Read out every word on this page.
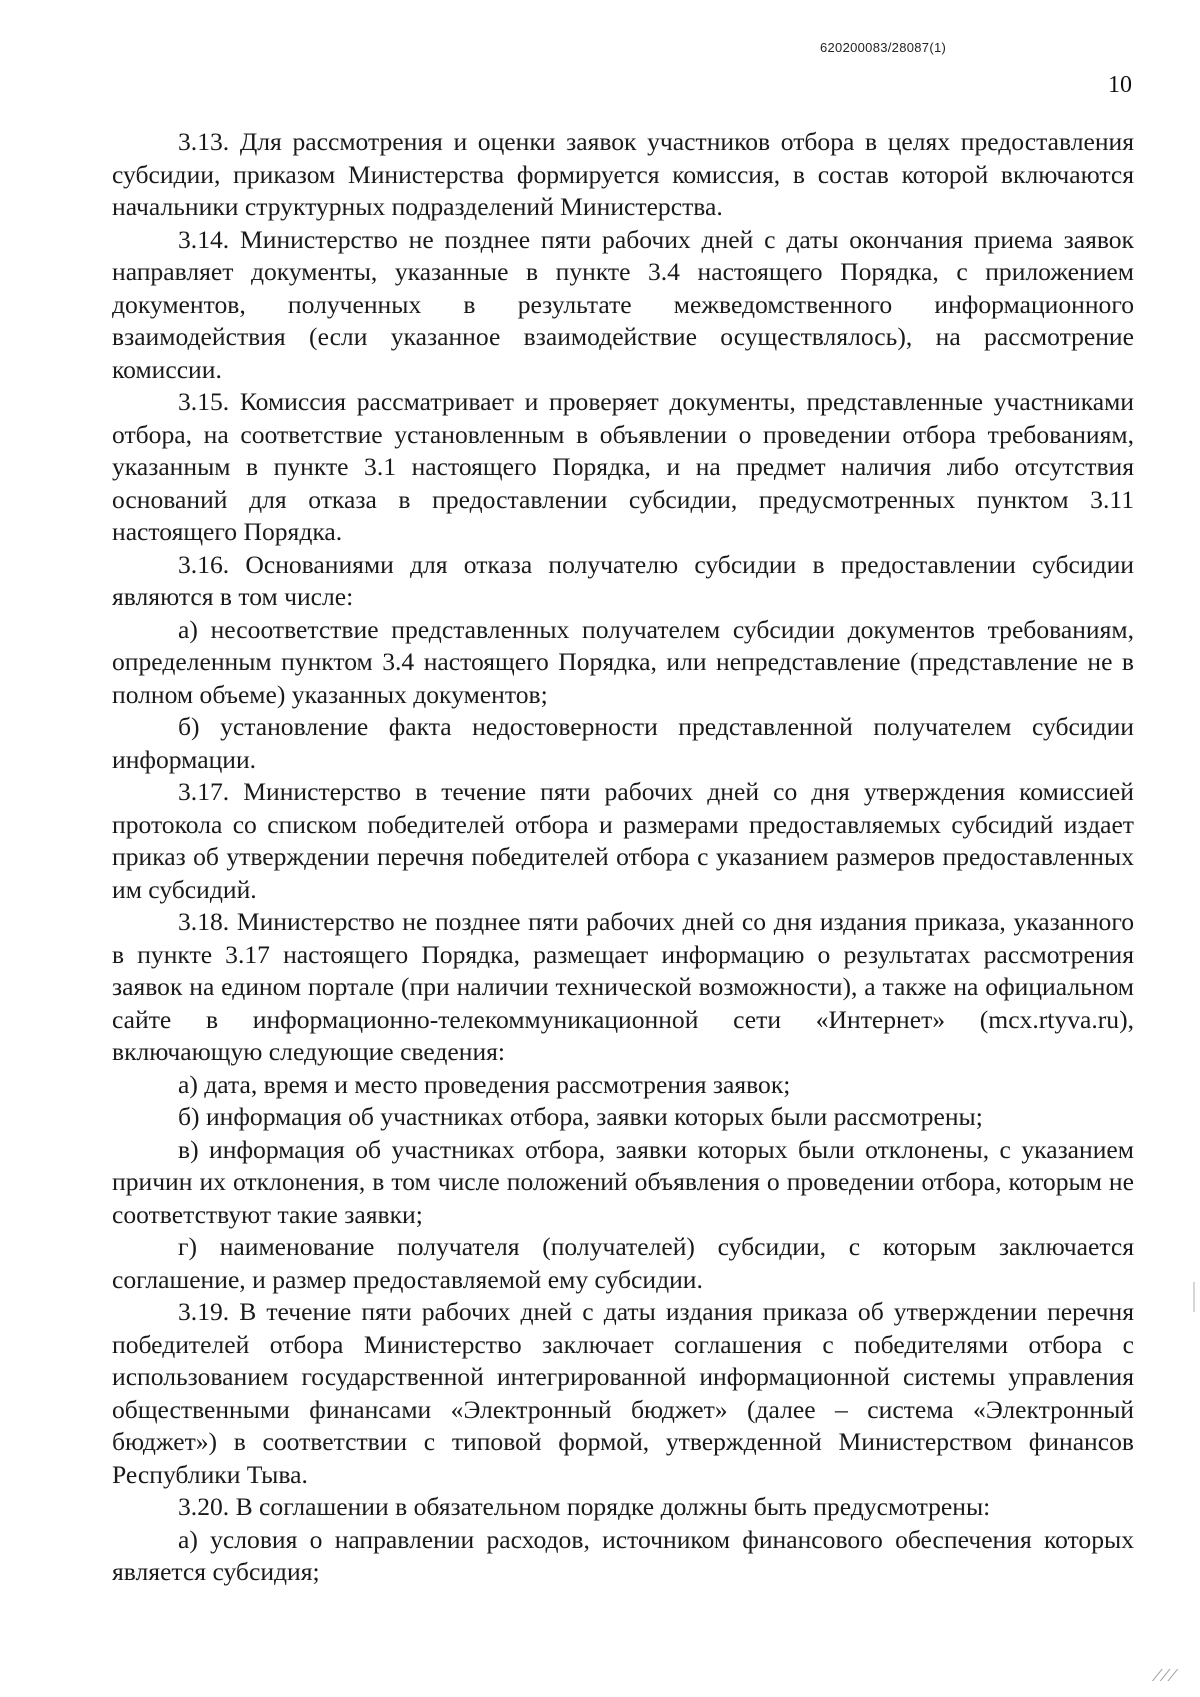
620200083/28087(1)
10

3.13. Для рассмотрения и оценки заявок участников отбора в целях предоставления субсидии, приказом Министерства формируется комиссия, в состав которой включаются начальники структурных подразделений Министерства.

3.14. Министерство не позднее пяти рабочих дней с даты окончания приема заявок направляет документы, указанные в пункте 3.4 настоящего Порядка, с приложением документов, полученных в результате межведомственного информационного взаимодействия (если указанное взаимодействие осуществлялось), на рассмотрение комиссии.

3.15. Комиссия рассматривает и проверяет документы, представленные участниками отбора, на соответствие установленным в объявлении о проведении отбора требованиям, указанным в пункте 3.1 настоящего Порядка, и на предмет наличия либо отсутствия оснований для отказа в предоставлении субсидии, предусмотренных пунктом 3.11 настоящего Порядка.

3.16. Основаниями для отказа получателю субсидии в предоставлении субсидии являются в том числе:

а) несоответствие представленных получателем субсидии документов требованиям, определенным пунктом 3.4 настоящего Порядка, или непредставление (представление не в полном объеме) указанных документов;

б) установление факта недостоверности представленной получателем субсидии информации.

3.17. Министерство в течение пяти рабочих дней со дня утверждения комиссией протокола со списком победителей отбора и размерами предоставляемых субсидий издает приказ об утверждении перечня победителей отбора с указанием размеров предоставленных им субсидий.

3.18. Министерство не позднее пяти рабочих дней со дня издания приказа, указанного в пункте 3.17 настоящего Порядка, размещает информацию о результатах рассмотрения заявок на едином портале (при наличии технической возможности), а также на официальном сайте в информационно-телекоммуникационной сети «Интернет» (mcx.rtyva.ru), включающую следующие сведения:

а) дата, время и место проведения рассмотрения заявок;

б) информация об участниках отбора, заявки которых были рассмотрены;

в) информация об участниках отбора, заявки которых были отклонены, с указанием причин их отклонения, в том числе положений объявления о проведении отбора, которым не соответствуют такие заявки;

г) наименование получателя (получателей) субсидии, с которым заключается соглашение, и размер предоставляемой ему субсидии.

3.19. В течение пяти рабочих дней с даты издания приказа об утверждении перечня победителей отбора Министерство заключает соглашения с победителями отбора с использованием государственной интегрированной информационной системы управления общественными финансами «Электронный бюджет» (далее – система «Электронный бюджет») в соответствии с типовой формой, утвержденной Министерством финансов Республики Тыва.

3.20. В соглашении в обязательном порядке должны быть предусмотрены:

а) условия о направлении расходов, источником финансового обеспечения которых является субсидия;

⁄ ⁄ ⁄
